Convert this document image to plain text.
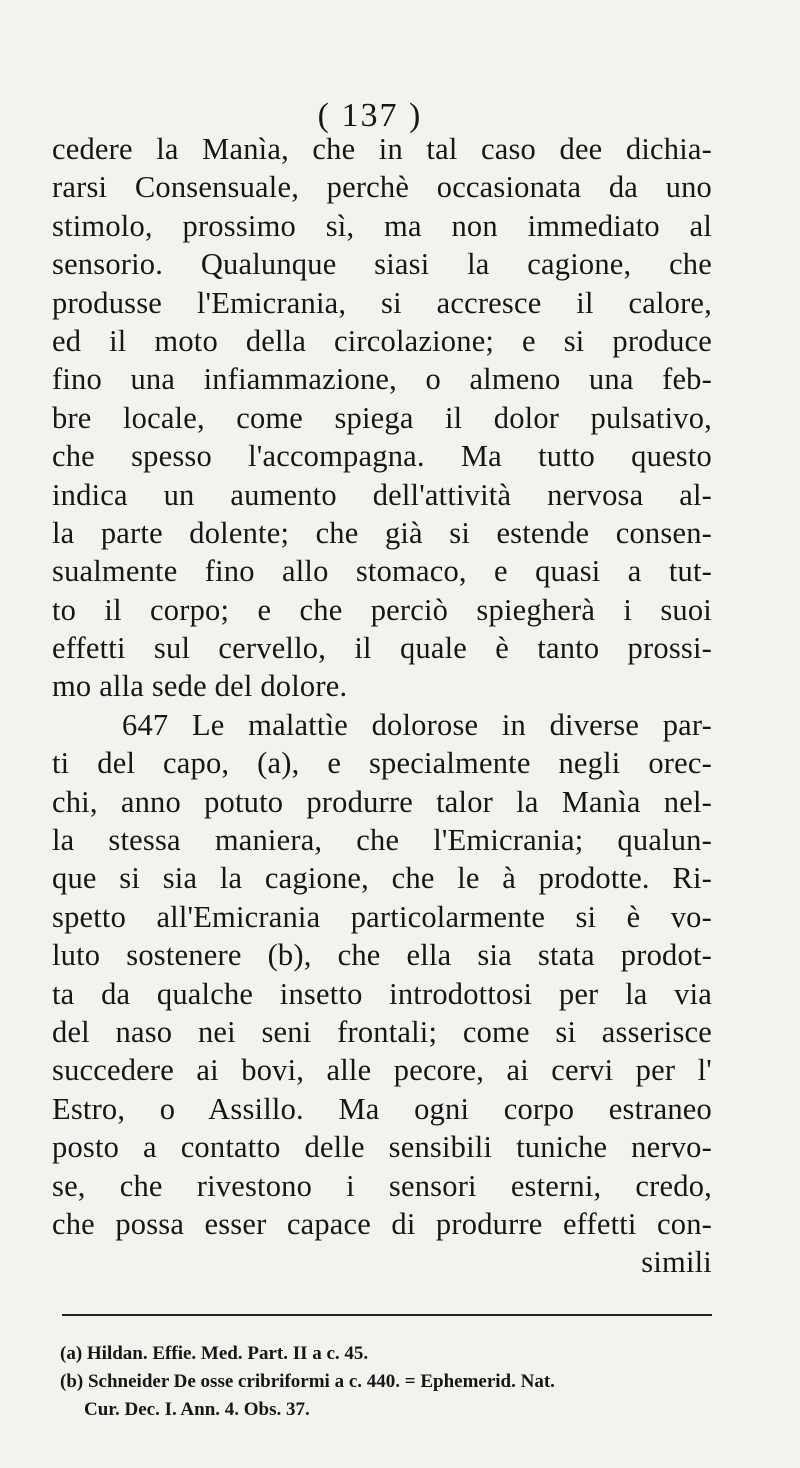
( 137 )
cedere la Manìa, che in tal caso dee dichia-
rarsi Consensuale, perchè occasionata da uno
stimolo, prossimo sì, ma non immediato al
sensorio. Qualunque siasi la cagione, che
produsse l'Emicrania, si accresce il calore,
ed il moto della circolazione; e si produce
fino una infiammazione, o almeno una feb-
bre locale, come spiega il dolor pulsativo,
che spesso l'accompagna. Ma tutto questo
indica un aumento dell'attività nervosa al-
la parte dolente; che già si estende consen-
sualmente fino allo stomaco, e quasi a tut-
to il corpo; e che perciò spiegherà i suoi
effetti sul cervello, il quale è tanto prossi-
mo alla sede del dolore.
647 Le malattìe dolorose in diverse par-
ti del capo, (a), e specialmente negli orec-
chi, anno potuto produrre talor la Manìa nel-
la stessa maniera, che l'Emicrania; qualun-
que si sia la cagione, che le à prodotte. Ri-
spetto all'Emicrania particolarmente si è vo-
luto sostenere (b), che ella sia stata prodot-
ta da qualche insetto introdottosi per la via
del naso nei seni frontali; come si asserisce
succedere ai bovi, alle pecore, ai cervi per l'
Estro, o Assillo. Ma ogni corpo estraneo
posto a contatto delle sensibili tuniche nervo-
se, che rivestono i sensori esterni, credo,
che possa esser capace di produrre effetti con-
simili
(a) Hildan. Effie. Med. Part. II a c. 45.
(b) Schneider De osse cribriformi a c. 440. = Ephemerid. Nat.
Cur. Dec. I. Ann. 4. Obs. 37.
